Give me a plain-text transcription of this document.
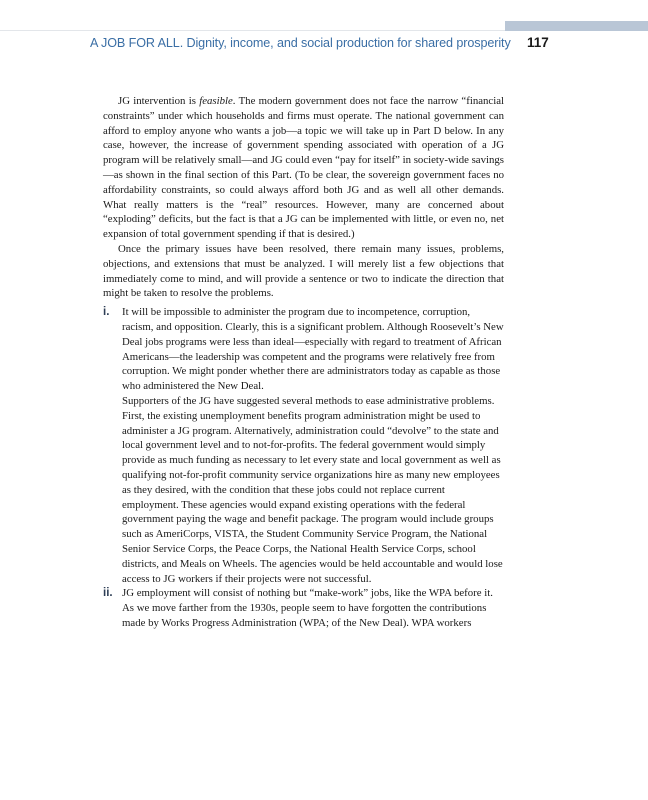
A JOB FOR ALL. Dignity, income, and social production for shared prosperity 117

JG intervention is feasible. The modern government does not face the narrow “financial constraints” under which households and firms must operate. The national government can afford to employ anyone who wants a job—a topic we will take up in Part D below. In any case, however, the increase of government spending associated with operation of a JG program will be relatively small—and JG could even “pay for itself” in society-wide savings—as shown in the final section of this Part. (To be clear, the sovereign government faces no affordability constraints, so could always afford both JG and as well all other demands. What really matters is the “real” resources. However, many are concerned about “exploding” deficits, but the fact is that a JG can be implemented with little, or even no, net expansion of total government spending if that is desired.)

Once the primary issues have been resolved, there remain many issues, problems, objections, and extensions that must be analyzed. I will merely list a few objections that immediately come to mind, and will provide a sentence or two to indicate the direction that might be taken to resolve the problems.

i. It will be impossible to administer the program due to incompetence, corruption, racism, and opposition. Clearly, this is a significant problem. Although Roosevelt’s New Deal jobs programs were less than ideal—especially with regard to treatment of African Americans—the leadership was competent and the programs were relatively free from corruption. We might ponder whether there are administrators today as capable as those who administered the New Deal.

Supporters of the JG have suggested several methods to ease administrative problems. First, the existing unemployment benefits program administration might be used to administer a JG program. Alternatively, administration could “devolve” to the state and local government level and to not-for-profits. The federal government would simply provide as much funding as necessary to let every state and local government as well as qualifying not-for-profit community service organizations hire as many new employees as they desired, with the condition that these jobs could not replace current employment. These agencies would expand existing operations with the federal government paying the wage and benefit package. The program would include groups such as AmeriCorps, VISTA, the Student Community Service Program, the National Senior Service Corps, the Peace Corps, the National Health Service Corps, school districts, and Meals on Wheels. The agencies would be held accountable and would lose access to JG workers if their projects were not successful.

ii. JG employment will consist of nothing but “make-work” jobs, like the WPA before it.

As we move farther from the 1930s, people seem to have forgotten the contributions made by Works Progress Administration (WPA; of the New Deal). WPA workers
